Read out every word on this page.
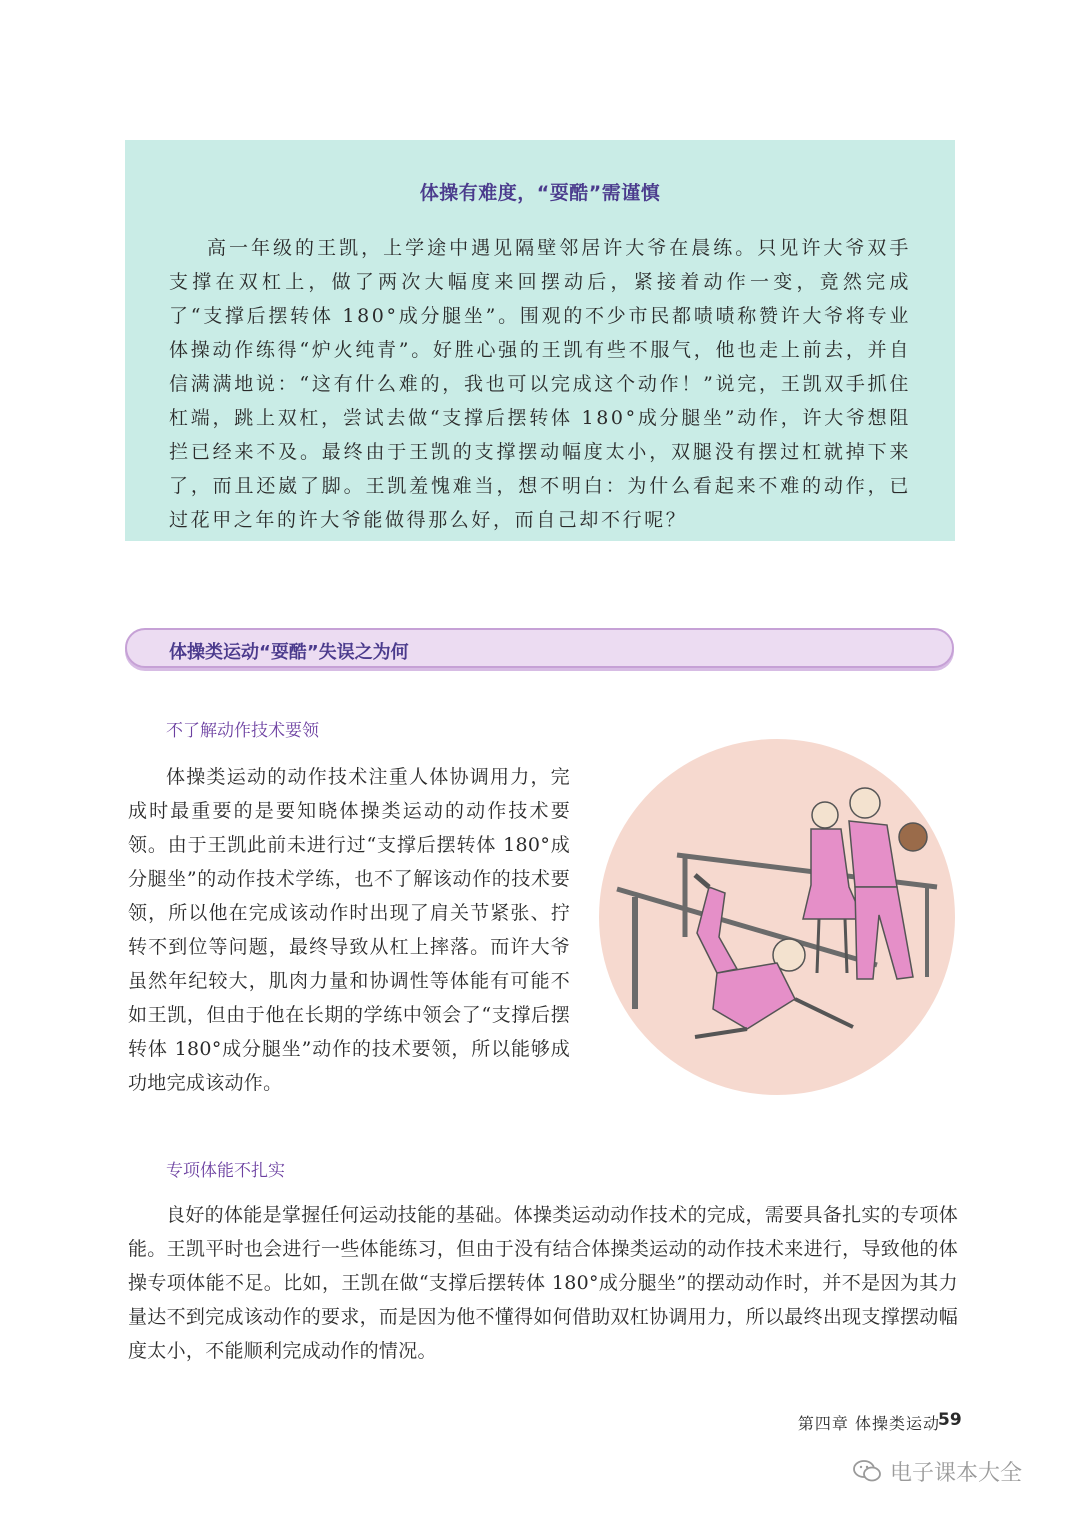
体操有难度，“耍酷”需谨慎

高一年级的王凯，上学途中遇见隔壁邻居许大爷在晨练。只见许大爷双手支撑在双杠上，做了两次大幅度来回摆动后，紧接着动作一变，竟然完成了“支撑后摆转体 180°成分腿坐”。围观的不少市民都啧啧称赞许大爷将专业体操动作练得“炉火纯青”。好胜心强的王凯有些不服气，他也走上前去，并自信满满地说：“这有什么难的，我也可以完成这个动作！”说完，王凯双手抓住杠端，跳上双杠，尝试去做“支撑后摆转体 180°成分腿坐”动作，许大爷想阻拦已经来不及。最终由于王凯的支撑摆动幅度太小，双腿没有摆过杠就掉下来了，而且还崴了脚。王凯羞愧难当，想不明白：为什么看起来不难的动作，已过花甲之年的许大爷能做得那么好，而自己却不行呢？

体操类运动“耍酷”失误之为何
不了解动作技术要领

体操类运动的动作技术注重人体协调用力，完成时最重要的是要知晓体操类运动的动作技术要领。由于王凯此前未进行过“支撑后摆转体 180°成分腿坐”的动作技术学练，也不了解该动作的技术要领，所以他在完成该动作时出现了肩关节紧张、拧转不到位等问题，最终导致从杠上摔落。而许大爷虽然年纪较大，肌肉力量和协调性等体能有可能不如王凯，但由于他在长期的学练中领会了“支撑后摆转体 180°成分腿坐”动作的技术要领，所以能够成功地完成该动作。

专项体能不扎实

良好的体能是掌握任何运动技能的基础。体操类运动动作技术的完成，需要具备扎实的专项体能。王凯平时也会进行一些体能练习，但由于没有结合体操类运动的动作技术来进行，导致他的体操专项体能不足。比如，王凯在做“支撑后摆转体 180°成分腿坐”的摆动动作时，并不是因为其力量达不到完成该动作的要求，而是因为他不懂得如何借助双杠协调用力，所以最终出现支撑摆动幅度太小，不能顺利完成动作的情况。

第四章 体操类运动
59
电子课本大全
